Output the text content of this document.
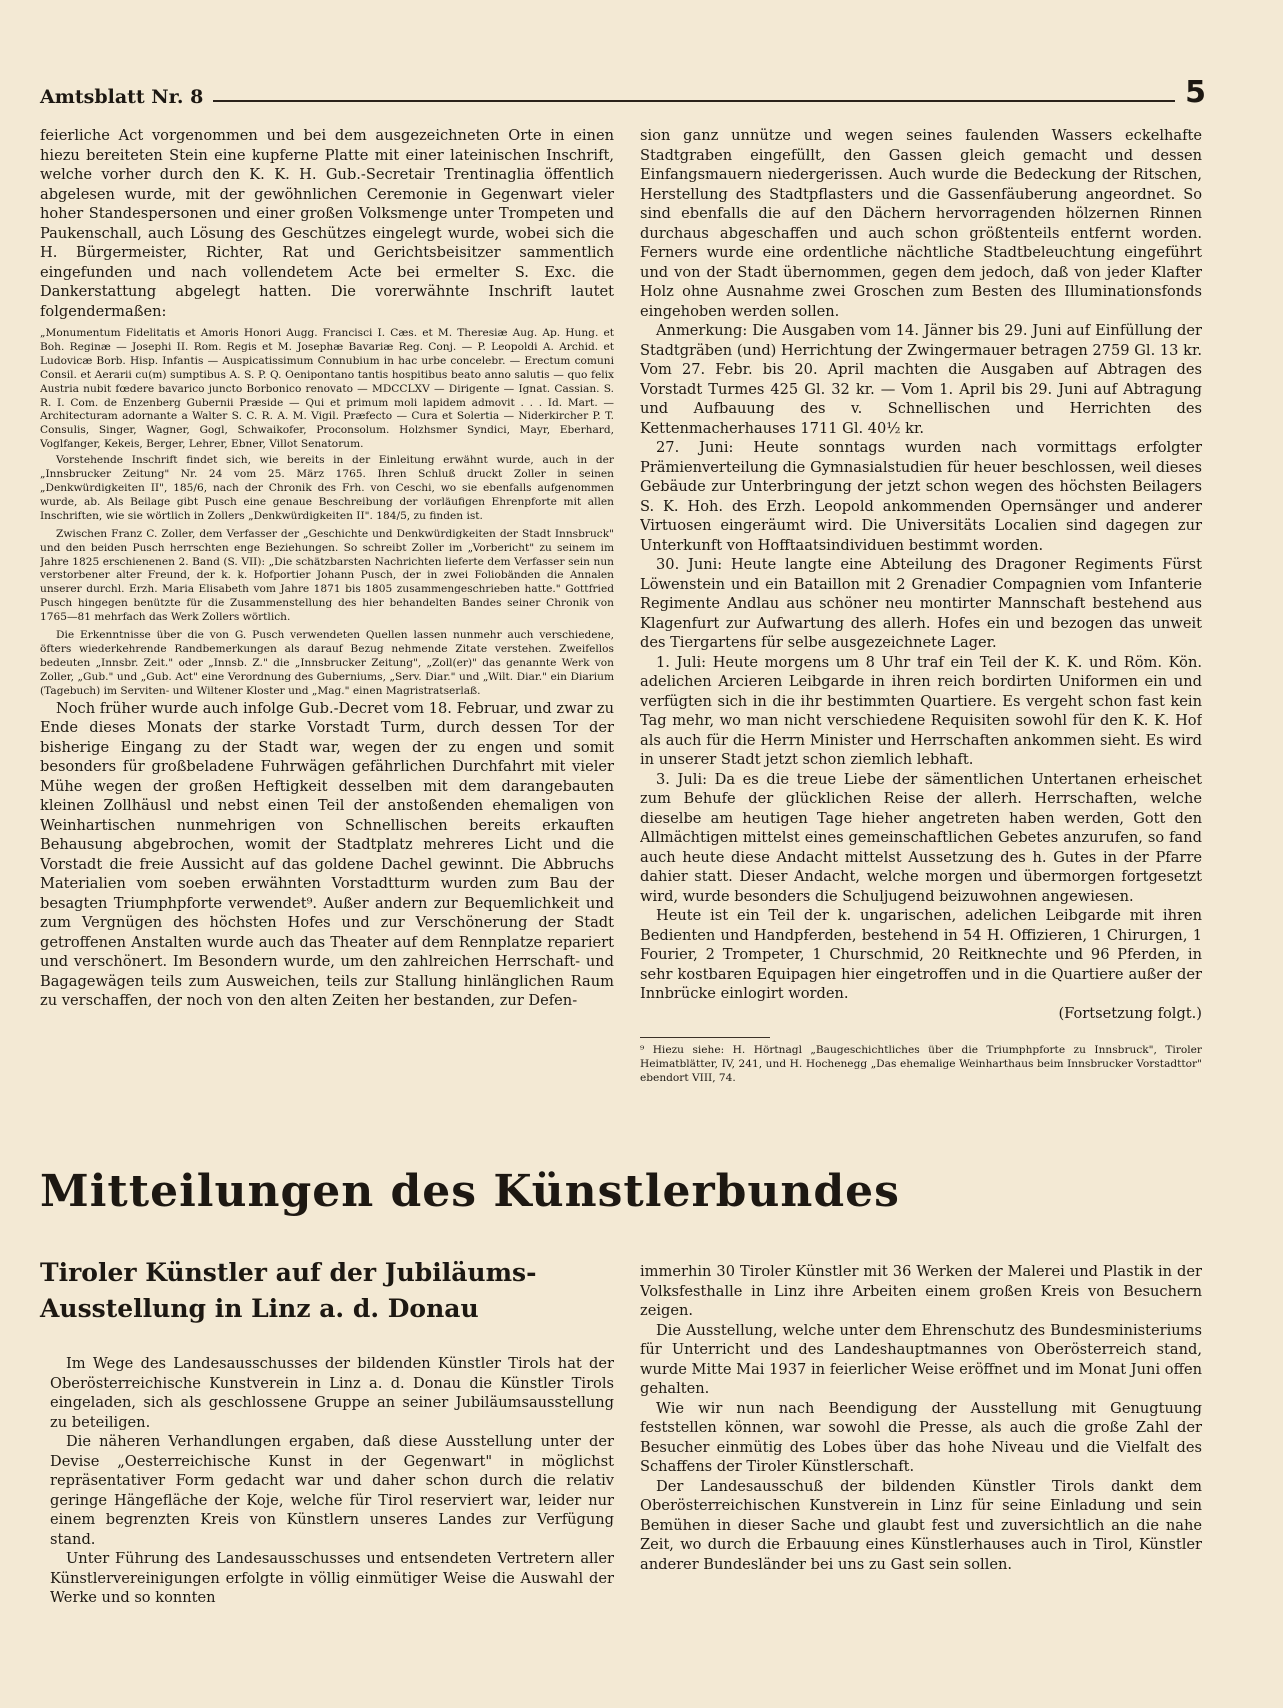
Amtsblatt Nr. 8	5

feierliche Act vorgenommen und bei dem ausgezeichneten Orte in einen hiezu bereiteten Stein eine kupferne Platte mit einer lateinischen Inschrift, welche vorher durch den K. K. H. Gub.-Secretair Trentinaglia öffentlich abgelesen wurde, mit der gewöhnlichen Ceremonie in Gegenwart vieler hoher Standespersonen und einer großen Volksmenge unter Trompeten und Paukenschall, auch Lösung des Geschützes eingelegt wurde, wobei sich die H. Bürgermeister, Richter, Rat und Gerichtsbeisitzer sammentlich eingefunden und nach vollendetem Acte bei ermelter S. Exc. die Dankerstattung abgelegt hatten. Die vorerwähnte Inschrift lautet folgendermaßen:

„Monumentum Fidelitatis et Amoris Honori Augg. Francisci I. Cæs. et M. Theresiæ Aug. Ap. Hung. et Boh. Reginæ — Josephi II. Rom. Regis et M. Josephæ Bavariæ Reg. Conj. — P. Leopoldi A. Archid. et Ludovicæ Borb. Hisp. Infantis — Auspicatissimum Connubium in hac urbe concelebr. — Erectum comuni Consil. et Aerarii cu(m) sumptibus A. S. P. Q. Oenipontano tantis hospitibus beato anno salutis — quo felix Austria nubit fœdere bavarico juncto Borbonico renovato — MDCCLXV — Dirigente — Ignat. Cassian. S. R. I. Com. de Enzenberg Gubernii Præside — Qui et primum moli lapidem admovit . . . Id. Mart. — Architecturam adornante a Walter S. C. R. A. M. Vigil. Præfecto — Cura et Solertia — Niderkircher P. T. Consulis, Singer, Wagner, Gogl, Schwaikofer, Proconsolum. Holzhsmer Syndici, Mayr, Eberhard, Voglfanger, Kekeis, Berger, Lehrer, Ebner, Villot Senatorum.

Vorstehende Inschrift findet sich, wie bereits in der Einleitung erwähnt wurde, auch in der „Innsbrucker Zeitung" Nr. 24 vom 25. März 1765. Ihren Schluß druckt Zoller in seinen „Denkwürdigkeiten II", 185/6, nach der Chronik des Frh. von Ceschi, wo sie ebenfalls aufgenommen wurde, ab. Als Beilage gibt Pusch eine genaue Beschreibung der vorläufigen Ehrenpforte mit allen Inschriften, wie sie wörtlich in Zollers „Denkwürdigkeiten II". 184/5, zu finden ist.

Zwischen Franz C. Zoller, dem Verfasser der „Geschichte und Denkwürdigkeiten der Stadt Innsbruck" und den beiden Pusch herrschten enge Beziehungen. So schreibt Zoller im „Vorbericht" zu seinem im Jahre 1825 erschienenen 2. Band (S. VII): „Die schätzbarsten Nachrichten lieferte dem Verfasser sein nun verstorbener alter Freund, der k. k. Hofportier Johann Pusch, der in zwei Foliobänden die Annalen unserer durchl. Erzh. Maria Elisabeth vom Jahre 1871 bis 1805 zusammengeschrieben hatte." Gottfried Pusch hingegen benützte für die Zusammenstellung des hier behandelten Bandes seiner Chronik von 1765—81 mehrfach das Werk Zollers wörtlich.

Die Erkenntnisse über die von G. Pusch verwendeten Quellen lassen nunmehr auch verschiedene, öfters wiederkehrende Randbemerkungen als darauf Bezug nehmende Zitate verstehen. Zweifellos bedeuten „Innsbr. Zeit." oder „Innsb. Z." die „Innsbrucker Zeitung", „Zoll(er)" das genannte Werk von Zoller, „Gub." und „Gub. Act" eine Verordnung des Guberniums, „Serv. Diar." und „Wilt. Diar." ein Diarium (Tagebuch) im Serviten- und Wiltener Kloster und „Mag." einen Magristratserlaß.

Noch früher wurde auch infolge Gub.-Decret vom 18. Februar, und zwar zu Ende dieses Monats der starke Vorstadt Turm, durch dessen Tor der bisherige Eingang zu der Stadt war, wegen der zu engen und somit besonders für großbeladene Fuhrwägen gefährlichen Durchfahrt mit vieler Mühe wegen der großen Heftigkeit desselben mit dem darangebauten kleinen Zollhäusl und nebst einen Teil der anstoßenden ehemaligen von Weinhartischen nunmehrigen von Schnellischen bereits erkauften Behausung abgebrochen, womit der Stadtplatz mehreres Licht und die Vorstadt die freie Aussicht auf das goldene Dachel gewinnt. Die Abbruchs Materialien vom soeben erwähnten Vorstadtturm wurden zum Bau der besagten Triumphpforte verwendet⁹. Außer andern zur Bequemlichkeit und zum Vergnügen des höchsten Hofes und zur Verschönerung der Stadt getroffenen Anstalten wurde auch das Theater auf dem Rennplatze repariert und verschönert. Im Besondern wurde, um den zahlreichen Herrschaft- und Bagagewägen teils zum Ausweichen, teils zur Stallung hinlänglichen Raum zu verschaffen, der noch von den alten Zeiten her bestanden, zur Defen-

sion ganz unnütze und wegen seines faulenden Wassers eckelhafte Stadtgraben eingefüllt, den Gassen gleich gemacht und dessen Einfangsmauern niedergerissen. Auch wurde die Bedeckung der Ritschen, Herstellung des Stadtpflasters und die Gassenfäuberung angeordnet. So sind ebenfalls die auf den Dächern hervorragenden hölzernen Rinnen durchaus abgeschaffen und auch schon größtenteils entfernt worden. Ferners wurde eine ordentliche nächtliche Stadtbeleuchtung eingeführt und von der Stadt übernommen, gegen dem jedoch, daß von jeder Klafter Holz ohne Ausnahme zwei Groschen zum Besten des Illuminationsfonds eingehoben werden sollen.

Anmerkung: Die Ausgaben vom 14. Jänner bis 29. Juni auf Einfüllung der Stadtgräben (und) Herrichtung der Zwingermauer betragen 2759 Gl. 13 kr. Vom 27. Febr. bis 20. April machten die Ausgaben auf Abtragen des Vorstadt Turmes 425 Gl. 32 kr. — Vom 1. April bis 29. Juni auf Abtragung und Aufbauung des v. Schnellischen und Herrichten des Kettenmacherhauses 1711 Gl. 40½ kr.

27. Juni: Heute sonntags wurden nach vormittags erfolgter Prämienverteilung die Gymnasialstudien für heuer beschlossen, weil dieses Gebäude zur Unterbringung der jetzt schon wegen des höchsten Beilagers S. K. Hoh. des Erzh. Leopold ankommenden Opernsänger und anderer Virtuosen eingeräumt wird. Die Universitäts Localien sind dagegen zur Unterkunft von Hofftaatsindividuen bestimmt worden.

30. Juni: Heute langte eine Abteilung des Dragoner Regiments Fürst Löwenstein und ein Bataillon mit 2 Grenadier Compagnien vom Infanterie Regimente Andlau aus schöner neu montirter Mannschaft bestehend aus Klagenfurt zur Aufwartung des allerh. Hofes ein und bezogen das unweit des Tiergartens für selbe ausgezeichnete Lager.

1. Juli: Heute morgens um 8 Uhr traf ein Teil der K. K. und Röm. Kön. adelichen Arcieren Leibgarde in ihren reich bordirten Uniformen ein und verfügten sich in die ihr bestimmten Quartiere. Es vergeht schon fast kein Tag mehr, wo man nicht verschiedene Requisiten sowohl für den K. K. Hof als auch für die Herrn Minister und Herrschaften ankommen sieht. Es wird in unserer Stadt jetzt schon ziemlich lebhaft.

3. Juli: Da es die treue Liebe der sämentlichen Untertanen erheischet zum Behufe der glücklichen Reise der allerh. Herrschaften, welche dieselbe am heutigen Tage hieher angetreten haben werden, Gott den Allmächtigen mittelst eines gemeinschaftlichen Gebetes anzurufen, so fand auch heute diese Andacht mittelst Aussetzung des h. Gutes in der Pfarre dahier statt. Dieser Andacht, welche morgen und übermorgen fortgesetzt wird, wurde besonders die Schuljugend beizuwohnen angewiesen.

Heute ist ein Teil der k. ungarischen, adelichen Leibgarde mit ihren Bedienten und Handpferden, bestehend in 54 H. Offizieren, 1 Chirurgen, 1 Fourier, 2 Trompeter, 1 Churschmid, 20 Reitknechte und 96 Pferden, in sehr kostbaren Equipagen hier eingetroffen und in die Quartiere außer der Innbrücke einlogirt worden.

(Fortsetzung folgt.)

⁹ Hiezu siehe: H. Hörtnagl „Baugeschichtliches über die Triumphpforte zu Innsbruck", Tiroler Heimatblätter, IV, 241, und H. Hochenegg „Das ehemalige Weinharthaus beim Innsbrucker Vorstadttor" ebendort VIII, 74.

Mitteilungen des Künstlerbundes
Tiroler Künstler auf der Jubiläums-
Ausstellung in Linz a. d. Donau

Im Wege des Landesausschusses der bildenden Künstler Tirols hat der Oberösterreichische Kunstverein in Linz a. d. Donau die Künstler Tirols eingeladen, sich als geschlossene Gruppe an seiner Jubiläumsausstellung zu beteiligen.

Die näheren Verhandlungen ergaben, daß diese Ausstellung unter der Devise „Oesterreichische Kunst in der Gegenwart" in möglichst repräsentativer Form gedacht war und daher schon durch die relativ geringe Hängefläche der Koje, welche für Tirol reserviert war, leider nur einem begrenzten Kreis von Künstlern unseres Landes zur Verfügung stand.

Unter Führung des Landesausschusses und entsendeten Vertretern aller Künstlervereinigungen erfolgte in völlig einmütiger Weise die Auswahl der Werke und so konnten

immerhin 30 Tiroler Künstler mit 36 Werken der Malerei und Plastik in der Volksfesthalle in Linz ihre Arbeiten einem großen Kreis von Besuchern zeigen.

Die Ausstellung, welche unter dem Ehrenschutz des Bundesministeriums für Unterricht und des Landeshauptmannes von Oberösterreich stand, wurde Mitte Mai 1937 in feierlicher Weise eröffnet und im Monat Juni offen gehalten.

Wie wir nun nach Beendigung der Ausstellung mit Genugtuung feststellen können, war sowohl die Presse, als auch die große Zahl der Besucher einmütig des Lobes über das hohe Niveau und die Vielfalt des Schaffens der Tiroler Künstlerschaft.

Der Landesausschuß der bildenden Künstler Tirols dankt dem Oberösterreichischen Kunstverein in Linz für seine Einladung und sein Bemühen in dieser Sache und glaubt fest und zuversichtlich an die nahe Zeit, wo durch die Erbauung eines Künstlerhauses auch in Tirol, Künstler anderer Bundesländer bei uns zu Gast sein sollen.
